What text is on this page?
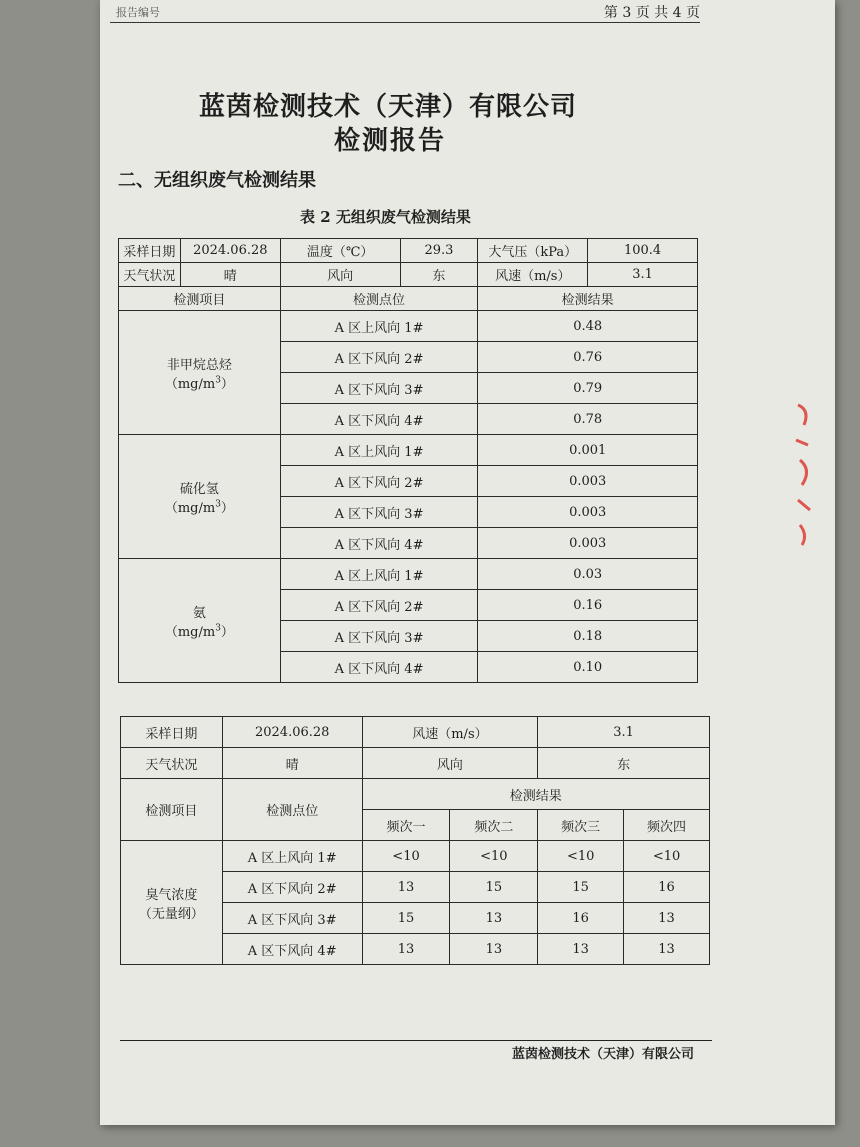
报告编号	第 3 页 共 4 页
蓝茵检测技术（天津）有限公司
检测报告
二、无组织废气检测结果
表 2 无组织废气检测结果
采样日期	2024.06.28	温度（℃）	29.3	大气压（kPa）	100.4
天气状况	晴	风向	东	风速（m/s）	3.1
检测项目		检测点位		检测结果	

非甲烷总烃
$(mg/m^3)$		A 区上风向 1#		0.48	
		A 区下风向 2#		0.76	
		A 区下风向 3#		0.79	
		A 区下风向 4#		0.78	

硫化氢
$(mg/m^3)$		A 区上风向 1#		0.001	
		A 区下风向 2#		0.003	
		A 区下风向 3#		0.003	
		A 区下风向 4#		0.003	

氨
$(mg/m^3)$		A 区上风向 1#		0.03	
		A 区下风向 2#		0.16	
		A 区下风向 3#		0.18	
		A 区下风向 4#		0.10	
采样日期	2024.06.28	风速（m/s）		3.1	
天气状况	晴	风向		东	
检测项目	检测点位	检测结果			
		频次一	频次二	频次三	频次四

臭气浓度
（无量纲）	A 区上风向 1#	<10	<10	<10	<10
	A 区下风向 2#	13	15	15	16
	A 区下风向 3#	15	13	16	13
	A 区下风向 4#	13	13	13	13
蓝茵检测技术（天津）有限公司
